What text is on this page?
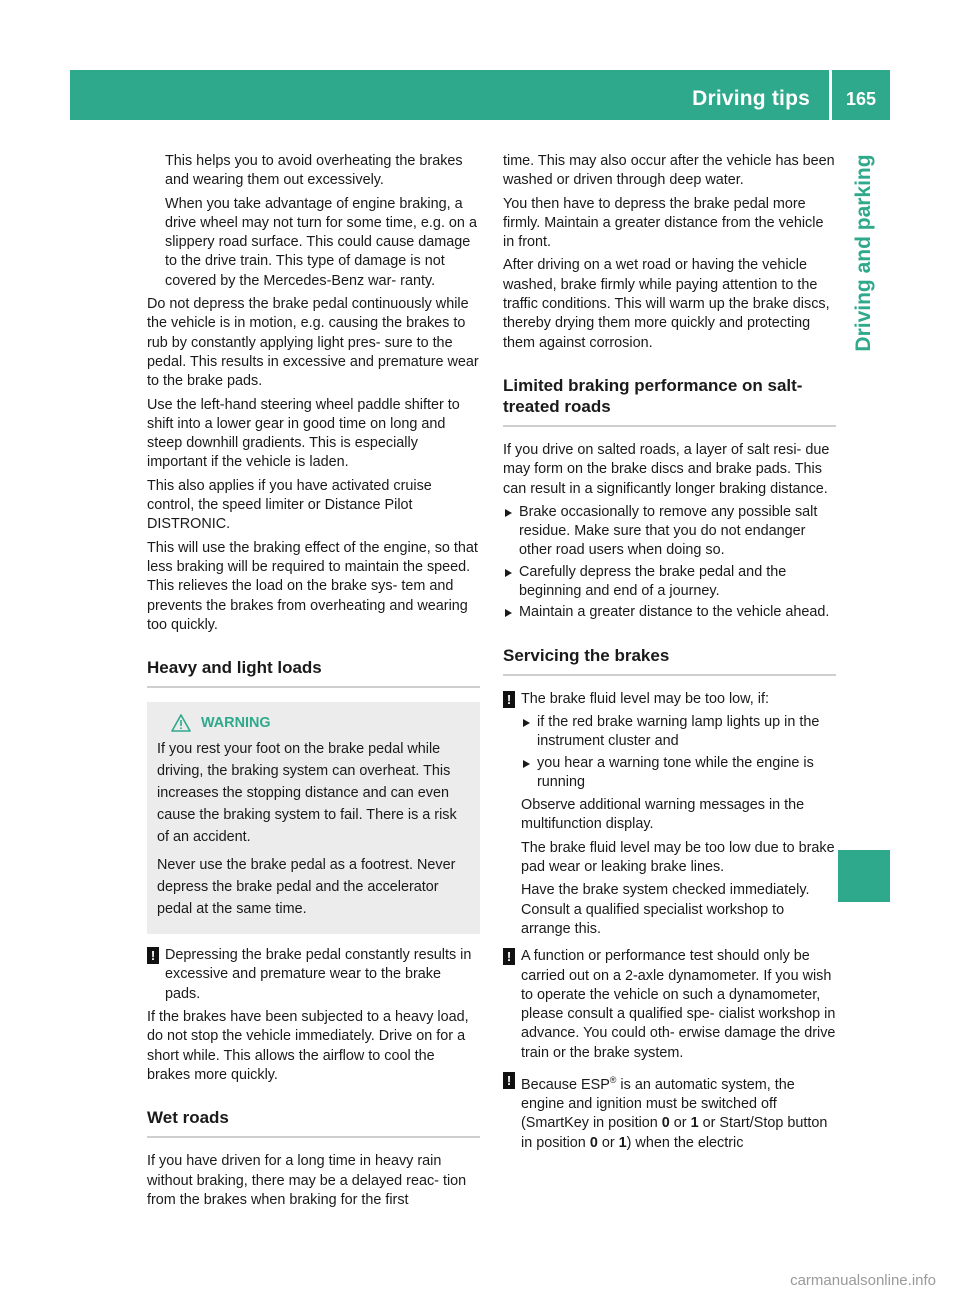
Driving tips	165
Driving and parking

This helps you to avoid overheating the brakes and wearing them out excessively.

When you take advantage of engine braking, a drive wheel may not turn for some time, e.g. on a slippery road surface. This could cause damage to the drive train. This type of damage is not covered by the Mercedes-Benz war- ranty.

Do not depress the brake pedal continuously while the vehicle is in motion, e.g. causing the brakes to rub by constantly applying light pres- sure to the pedal. This results in excessive and premature wear to the brake pads.

Use the left-hand steering wheel paddle shifter to shift into a lower gear in good time on long and steep downhill gradients. This is especially important if the vehicle is laden.

This also applies if you have activated cruise control, the speed limiter or Distance Pilot DISTRONIC.

This will use the braking effect of the engine, so that less braking will be required to maintain the speed. This relieves the load on the brake sys- tem and prevents the brakes from overheating and wearing too quickly.

Heavy and light loads
WARNING

If you rest your foot on the brake pedal while driving, the braking system can overheat. This increases the stopping distance and can even cause the braking system to fail. There is a risk of an accident.

Never use the brake pedal as a footrest. Never depress the brake pedal and the accelerator pedal at the same time.

! Depressing the brake pedal constantly results in excessive and premature wear to the brake pads.

If the brakes have been subjected to a heavy load, do not stop the vehicle immediately. Drive on for a short while. This allows the airflow to cool the brakes more quickly.

Wet roads

If you have driven for a long time in heavy rain without braking, there may be a delayed reac- tion from the brakes when braking for the first

time. This may also occur after the vehicle has been washed or driven through deep water.

You then have to depress the brake pedal more firmly. Maintain a greater distance from the vehicle in front.

After driving on a wet road or having the vehicle washed, brake firmly while paying attention to the traffic conditions. This will warm up the brake discs, thereby drying them more quickly and protecting them against corrosion.

Limited braking performance on salt-treated roads

If you drive on salted roads, a layer of salt resi- due may form on the brake discs and brake pads. This can result in a significantly longer braking distance.

Brake occasionally to remove any possible salt residue. Make sure that you do not endanger other road users when doing so.
Carefully depress the brake pedal and the beginning and end of a journey.
Maintain a greater distance to the vehicle ahead.
Servicing the brakes
! The brake fluid level may be too low, if:
if the red brake warning lamp lights up in the instrument cluster and
you hear a warning tone while the engine is running

Observe additional warning messages in the multifunction display.

The brake fluid level may be too low due to brake pad wear or leaking brake lines.

Have the brake system checked immediately. Consult a qualified specialist workshop to arrange this.

! A function or performance test should only be carried out on a 2-axle dynamometer. If you wish to operate the vehicle on such a dynamometer, please consult a qualified spe- cialist workshop in advance. You could oth- erwise damage the drive train or the brake system.
! Because ESP® is an automatic system, the engine and ignition must be switched off (SmartKey in position 0 or 1 or Start/Stop button in position 0 or 1) when the electric
carmanualsonline.info
